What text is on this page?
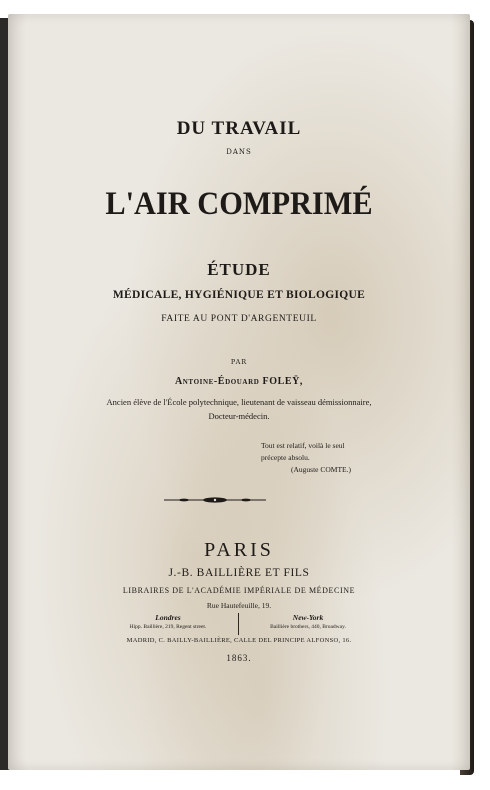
DU TRAVAIL
DANS
L'AIR COMPRIMÉ
ÉTUDE
MÉDICALE, HYGIÉNIQUE ET BIOLOGIQUE
FAITE AU PONT D'ARGENTEUIL
PAR
Antoine-Édouard FOLEŸ,
Ancien élève de l'École polytechnique, lieutenant de vaisseau démissionnaire,
Docteur-médecin.
Tout est relatif, voilà le seul
précepte absolu.
(Auguste COMTE.)
PARIS
J.-B. BAILLIÈRE ET FILS
LIBRAIRES DE L'ACADÉMIE IMPÉRIALE DE MÉDECINE
Rue Hautefeuille, 19.
Londres
Hipp. Baillière, 219, Regent street.
New-York
Baillière brothers, 440, Broadway.
MADRID, C. BAILLY-BAILLIÈRE, CALLE DEL PRINCIPE ALFONSO, 16.
1863.
